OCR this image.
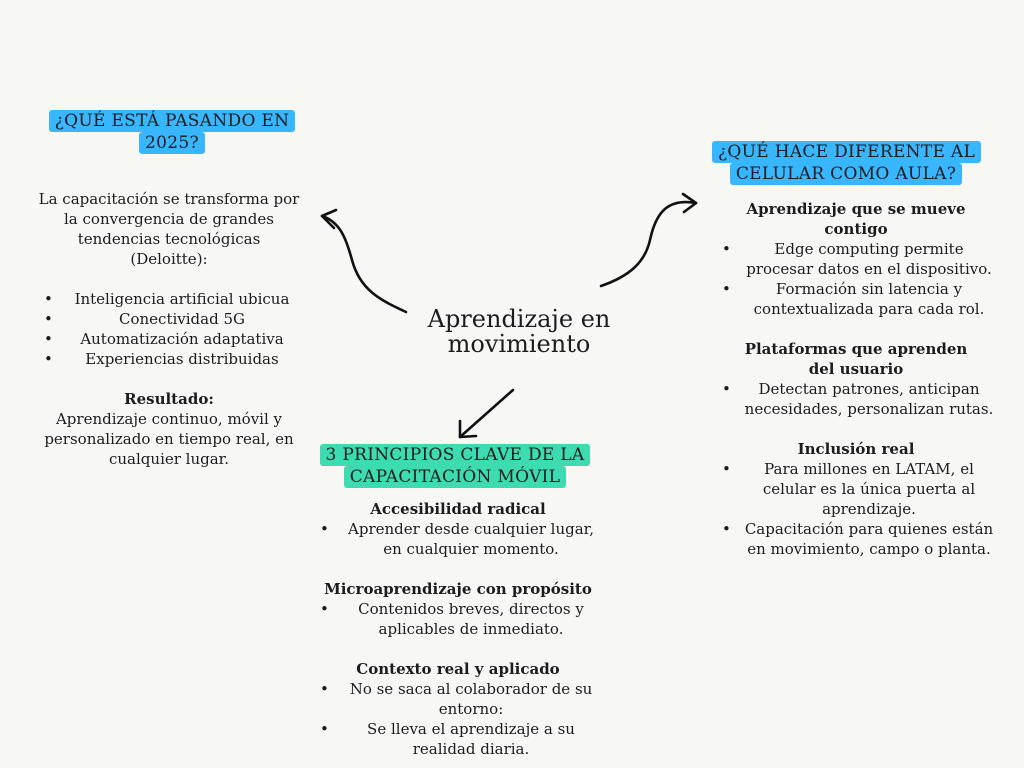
Aprendizaje en movimiento
¿QUÉ ESTÁ PASANDO EN 2025?

La capacitación se transforma por la convergencia de grandes tendencias tecnológicas (Deloitte):

• Inteligencia artificial ubicua
• Conectividad 5G
• Automatización adaptativa
• Experiencias distribuidas

Resultado:

Aprendizaje continuo, móvil y personalizado en tiempo real, en cualquier lugar.

¿QUÉ HACE DIFERENTE AL CELULAR COMO AULA?

Aprendizaje que se mueve contigo

• Edge computing permite procesar datos en el dispositivo.
• Formación sin latencia y contextualizada para cada rol.

Plataformas que aprenden del usuario

• Detectan patrones, anticipan necesidades, personalizan rutas.

Inclusión real

• Para millones en LATAM, el celular es la única puerta al aprendizaje.
• Capacitación para quienes están en movimiento, campo o planta.
3 PRINCIPIOS CLAVE DE LA CAPACITACIÓN MÓVIL

Accesibilidad radical

• Aprender desde cualquier lugar, en cualquier momento.

Microaprendizaje con propósito

• Contenidos breves, directos y aplicables de inmediato.

Contexto real y aplicado

• No se saca al colaborador de su entorno:
• Se lleva el aprendizaje a su realidad diaria.
